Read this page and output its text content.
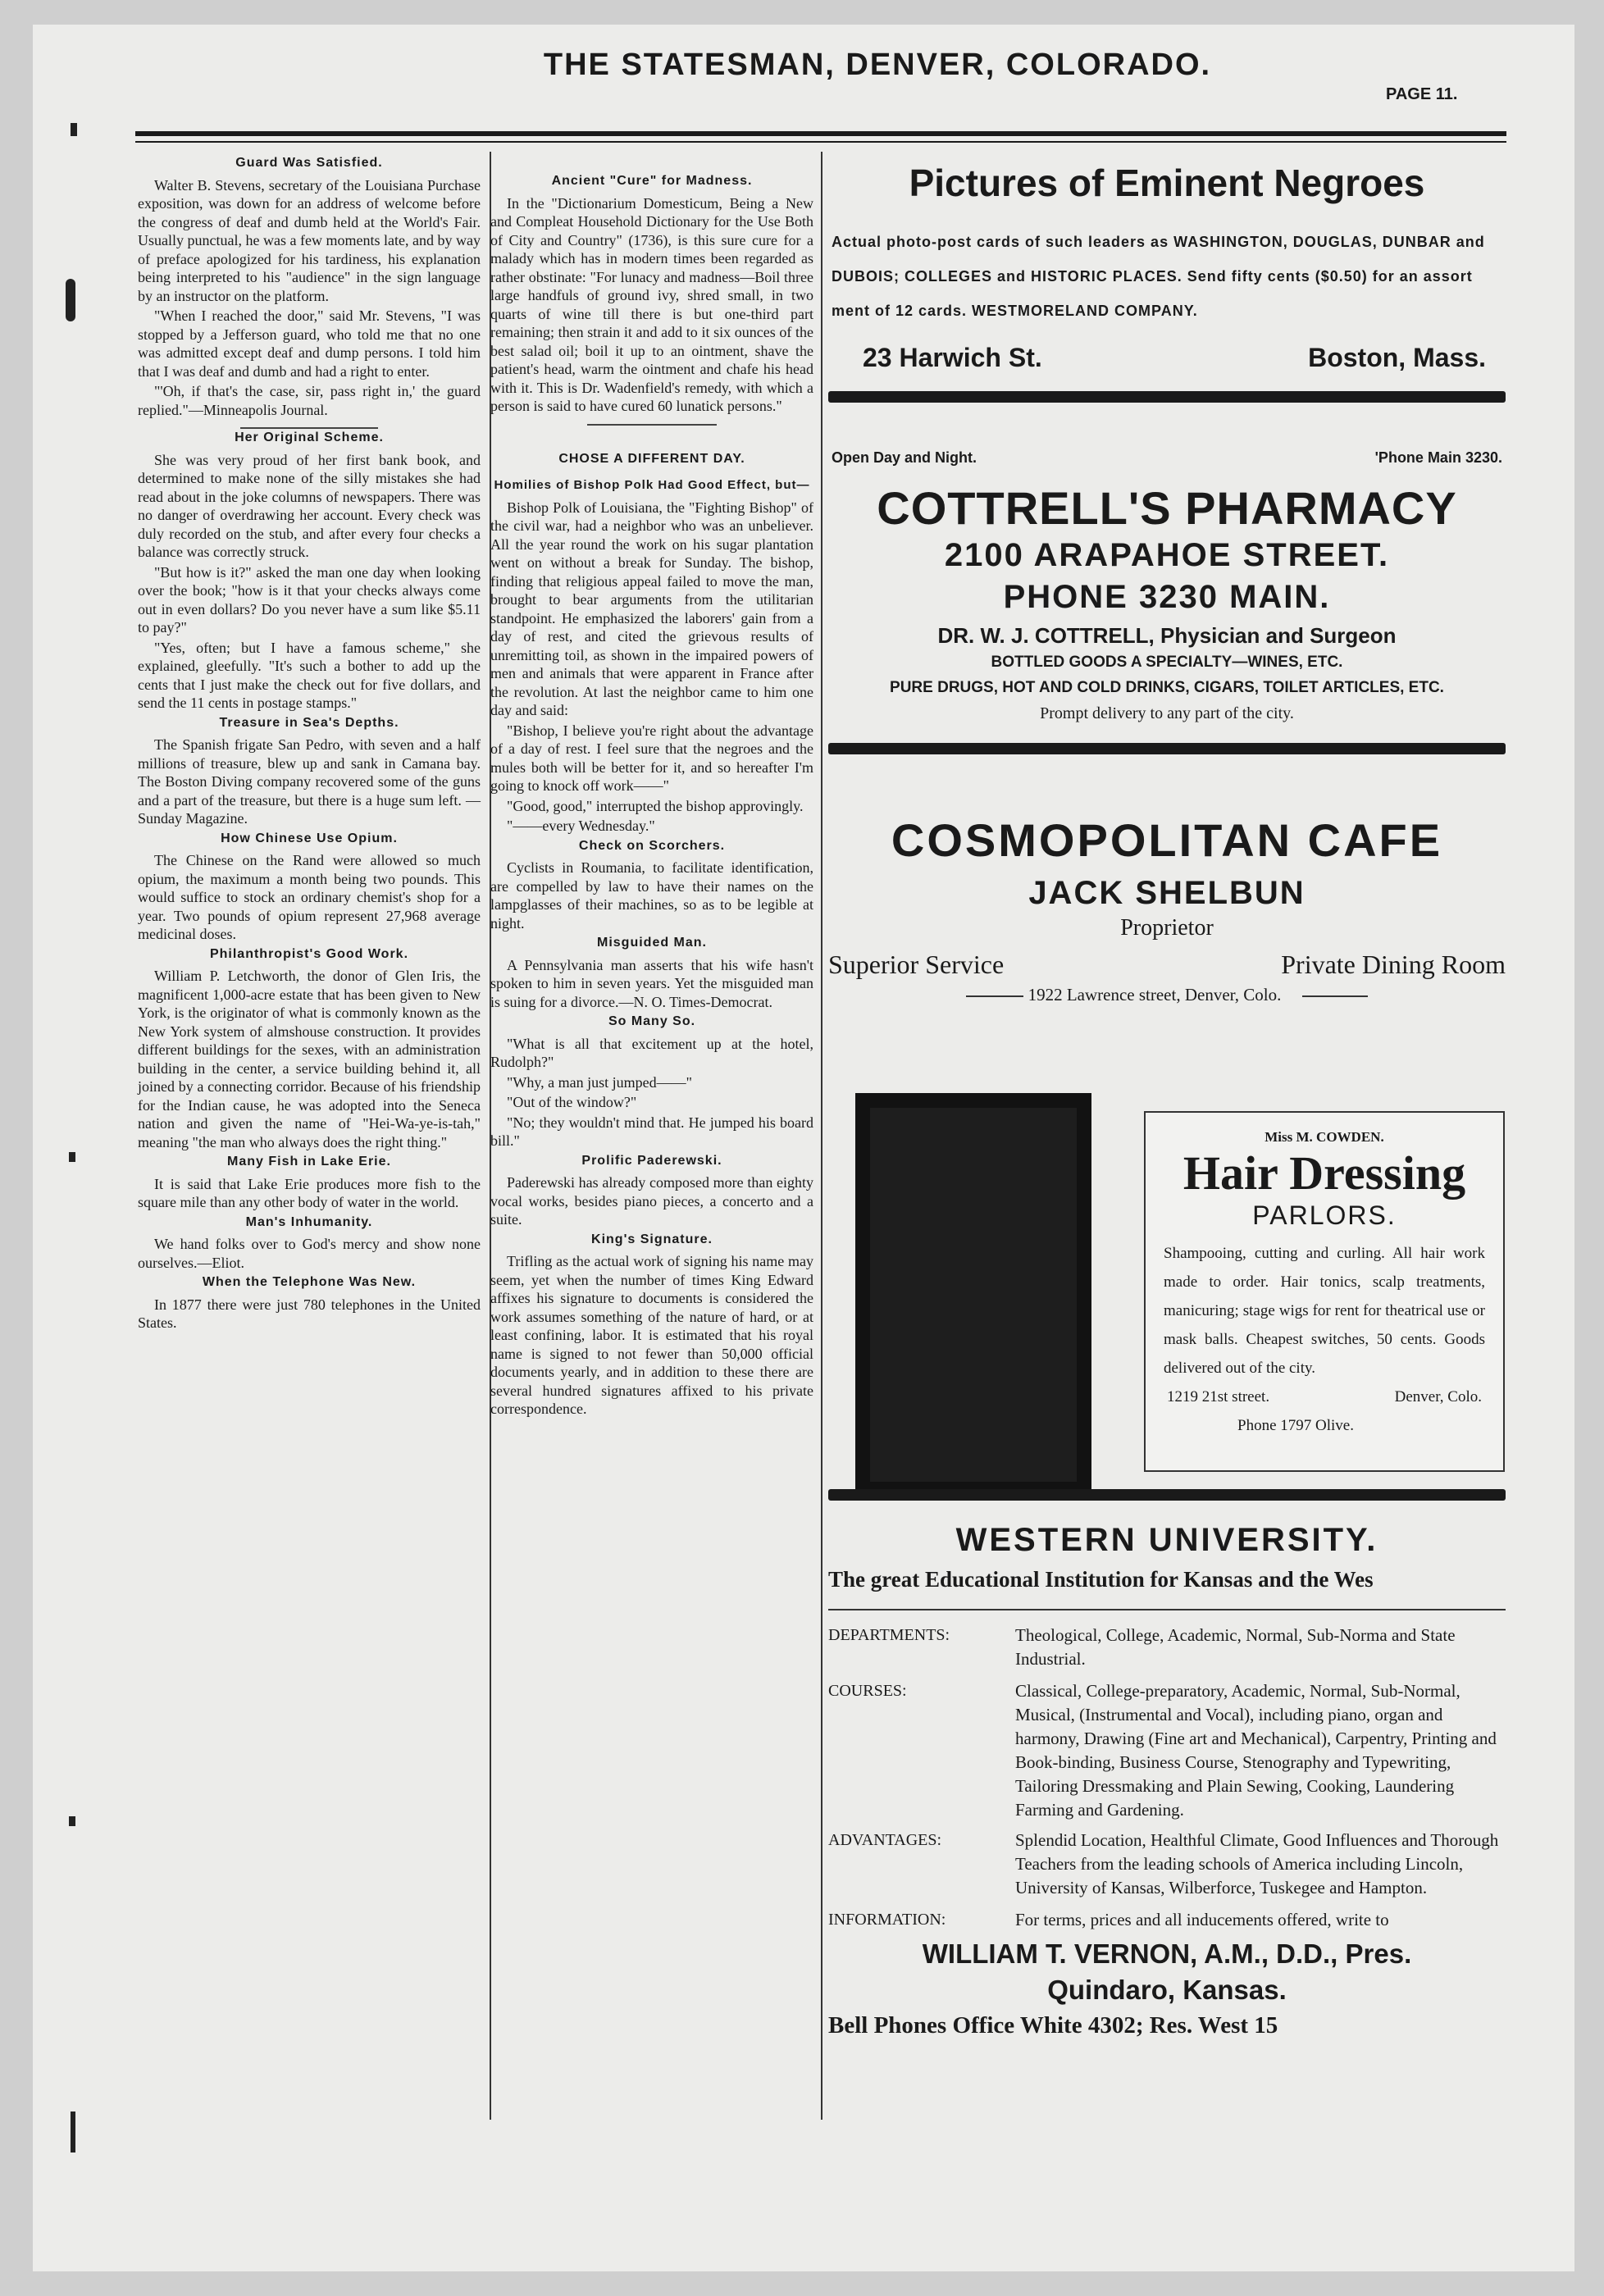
THE STATESMAN, DENVER, COLORADO.
PAGE 11.
Guard Was Satisfied.

Walter B. Stevens, secretary of the Louisiana Purchase exposition, was down for an address of welcome before the congress of deaf and dumb held at the World's Fair. Usually punctual, he was a few moments late, and by way of preface apologized for his tardiness, his explanation being interpreted to his "audience" in the sign language by an instructor on the platform.

"When I reached the door," said Mr. Stevens, "I was stopped by a Jefferson guard, who told me that no one was admitted except deaf and dump persons. I told him that I was deaf and dumb and had a right to enter.

"'Oh, if that's the case, sir, pass right in,' the guard replied."—Minneapolis Journal.

Her Original Scheme.

She was very proud of her first bank book, and determined to make none of the silly mistakes she had read about in the joke columns of newspapers. There was no danger of overdrawing her account. Every check was duly recorded on the stub, and after every four checks a balance was correctly struck.

"But how is it?" asked the man one day when looking over the book; "how is it that your checks always come out in even dollars? Do you never have a sum like $5.11 to pay?"

"Yes, often; but I have a famous scheme," she explained, gleefully. "It's such a bother to add up the cents that I just make the check out for five dollars, and send the 11 cents in postage stamps."

Treasure in Sea's Depths.

The Spanish frigate San Pedro, with seven and a half millions of treasure, blew up and sank in Camana bay. The Boston Diving company recovered some of the guns and a part of the treasure, but there is a huge sum left. —Sunday Magazine.

How Chinese Use Opium.

The Chinese on the Rand were allowed so much opium, the maximum a month being two pounds. This would suffice to stock an ordinary chemist's shop for a year. Two pounds of opium represent 27,968 average medicinal doses.

Philanthropist's Good Work.

William P. Letchworth, the donor of Glen Iris, the magnificent 1,000-acre estate that has been given to New York, is the originator of what is commonly known as the New York system of almshouse construction. It provides different buildings for the sexes, with an administration building in the center, a service building behind it, all joined by a connecting corridor. Because of his friendship for the Indian cause, he was adopted into the Seneca nation and given the name of "Hei-Wa-ye-is-tah," meaning "the man who always does the right thing."

Many Fish in Lake Erie.

It is said that Lake Erie produces more fish to the square mile than any other body of water in the world.

Man's Inhumanity.

We hand folks over to God's mercy and show none ourselves.—Eliot.

When the Telephone Was New.

In 1877 there were just 780 telephones in the United States.

Ancient "Cure" for Madness.

In the "Dictionarium Domesticum, Being a New and Compleat Household Dictionary for the Use Both of City and Country" (1736), is this sure cure for a malady which has in modern times been regarded as rather obstinate: "For lunacy and madness—Boil three large handfuls of ground ivy, shred small, in two quarts of wine till there is but one-third part remaining; then strain it and add to it six ounces of the best salad oil; boil it up to an ointment, shave the patient's head, warm the ointment and chafe his head with it. This is Dr. Wadenfield's remedy, with which a person is said to have cured 60 lunatick persons."

CHOSE A DIFFERENT DAY.
Homilies of Bishop Polk Had Good Effect, but—

Bishop Polk of Louisiana, the "Fighting Bishop" of the civil war, had a neighbor who was an unbeliever. All the year round the work on his sugar plantation went on without a break for Sunday. The bishop, finding that religious appeal failed to move the man, brought to bear arguments from the utilitarian standpoint. He emphasized the laborers' gain from a day of rest, and cited the grievous results of unremitting toil, as shown in the impaired powers of men and animals that were apparent in France after the revolution. At last the neighbor came to him one day and said:

"Bishop, I believe you're right about the advantage of a day of rest. I feel sure that the negroes and the mules both will be better for it, and so hereafter I'm going to knock off work——"

"Good, good," interrupted the bishop approvingly.

"——every Wednesday."

Check on Scorchers.

Cyclists in Roumania, to facilitate identification, are compelled by law to have their names on the lampglasses of their machines, so as to be legible at night.

Misguided Man.

A Pennsylvania man asserts that his wife hasn't spoken to him in seven years. Yet the misguided man is suing for a divorce.—N. O. Times-Democrat.

So Many So.

"What is all that excitement up at the hotel, Rudolph?"

"Why, a man just jumped——"

"Out of the window?"

"No; they wouldn't mind that. He jumped his board bill."

Prolific Paderewski.

Paderewski has already composed more than eighty vocal works, besides piano pieces, a concerto and a suite.

King's Signature.

Trifling as the actual work of signing his name may seem, yet when the number of times King Edward affixes his signature to documents is considered the work assumes something of the nature of hard, or at least confining, labor. It is estimated that his royal name is signed to not fewer than 50,000 official documents yearly, and in addition to these there are several hundred signatures affixed to his private correspondence.

Pictures of Eminent Negroes
Actual photo-post cards of such leaders as WASHINGTON, DOUGLAS, DUNBAR and DUBOIS; COLLEGES and HISTORIC PLACES. Send fifty cents ($0.50) for an assort ment of 12 cards. WESTMORELAND COMPANY.
23 Harwich St.	Boston, Mass.
Open Day and Night.	'Phone Main 3230.
COTTRELL'S PHARMACY
2100 ARAPAHOE STREET.
PHONE 3230 MAIN.
DR. W. J. COTTRELL, Physician and Surgeon
BOTTLED GOODS A SPECIALTY—WINES, ETC.
PURE DRUGS, HOT AND COLD DRINKS, CIGARS, TOILET ARTICLES, ETC.
Prompt delivery to any part of the city.
COSMOPOLITAN CAFE
JACK SHELBUN
Proprietor
Superior Service	Private Dining Room
1922 Lawrence street, Denver, Colo.
Miss M. COWDEN.
Hair Dressing
PARLORS.
Shampooing, cutting and curling. All hair work made to order. Hair tonics, scalp treatments, manicuring; stage wigs for rent for theatrical use or mask balls. Cheapest switches, 50 cents. Goods delivered out of the city.
1219 21st street.	Denver, Colo.
Phone 1797 Olive.
WESTERN UNIVERSITY.
The great Educational Institution for Kansas and the Wes
DEPARTMENTS:	Theological, College, Academic, Normal, Sub-Norma and State Industrial.
COURSES:	Classical, College-preparatory, Academic, Normal, Sub-Normal, Musical, (Instrumental and Vocal), including piano, organ and harmony, Drawing (Fine art and Mechanical), Carpentry, Printing and Book-binding, Business Course, Stenography and Typewriting, Tailoring Dressmaking and Plain Sewing, Cooking, Laundering Farming and Gardening.
ADVANTAGES:	Splendid Location, Healthful Climate, Good Influences and Thorough Teachers from the leading schools of America including Lincoln, University of Kansas, Wilberforce, Tuskegee and Hampton.
INFORMATION:	For terms, prices and all inducements offered, write to
WILLIAM T. VERNON, A.M., D.D., Pres.
Quindaro, Kansas.
Bell Phones Office White 4302; Res. West 15
